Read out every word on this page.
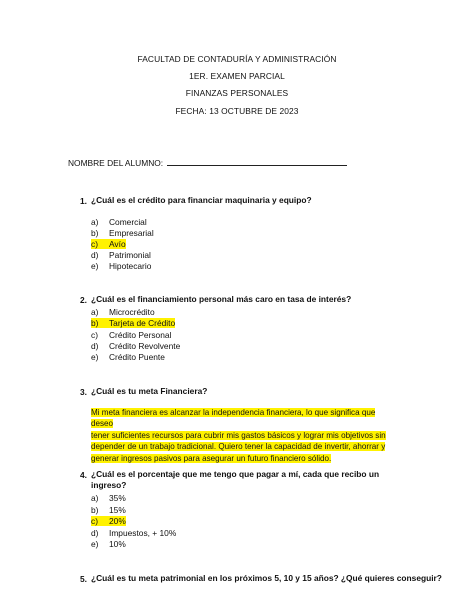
FACULTAD DE CONTADURÍA Y ADMINISTRACIÓN
1ER. EXAMEN PARCIAL
FINANZAS PERSONALES
FECHA: 13 OCTUBRE DE 2023
NOMBRE DEL ALUMNO:
1. ¿Cuál es el crédito para financiar maquinaria y equipo?
a) Comercial
b) Empresarial
c) Avío
d) Patrimonial
e) Hipotecario
2. ¿Cuál es el financiamiento personal más caro en tasa de interés?
a) Microcrédito
b) Tarjeta de Crédito
c) Crédito Personal
d) Crédito Revolvente
e) Crédito Puente
3. ¿Cuál es tu meta Financiera?
Mi meta financiera es alcanzar la independencia financiera, lo que significa que deseo
tener suficientes recursos para cubrir mis gastos básicos y lograr mis objetivos sin
depender de un trabajo tradicional. Quiero tener la capacidad de invertir, ahorrar y
generar ingresos pasivos para asegurar un futuro financiero sólido.
4. ¿Cuál es el porcentaje que me tengo que pagar a mí, cada que recibo un
ingreso?
a) 35%
b) 15%
c) 20%
d) Impuestos, + 10%
e) 10%
5. ¿Cuál es tu meta patrimonial en los próximos 5, 10 y 15 años? ¿Qué quieres conseguir?
